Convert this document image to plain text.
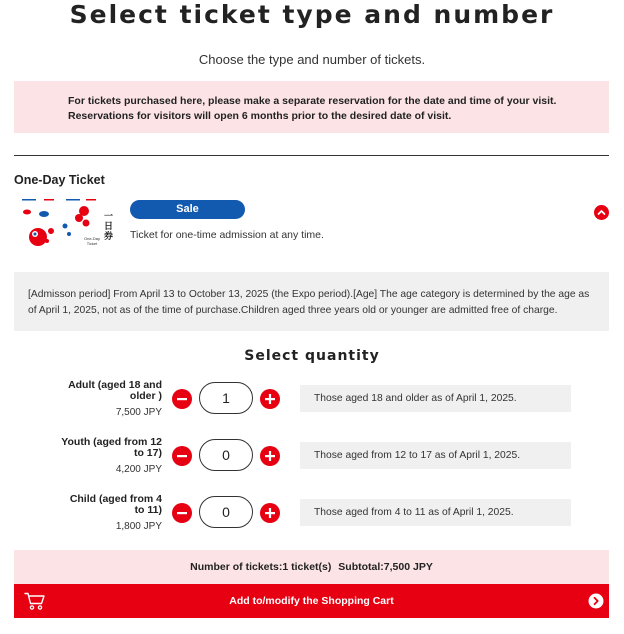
Select ticket type and number

Choose the type and number of tickets.

For tickets purchased here, please make a separate reservation for the date and time of your visit.
Reservations for visitors will open 6 months prior to the desired date of visit.
One-Day Ticket
一
日
券
One-Day Ticket
Sale
Ticket for one-time admission at any time.
[Admisson period] From April 13 to October 13, 2025 (the Expo period).[Age] The age category is determined by the age as of April 1, 2025, not as of the time of purchase.Children aged three years old or younger are admitted free of charge.
Select quantity
Adult (aged 18 and
older )
7,500 JPY
1
Those aged 18 and older as of April 1, 2025.
Youth (aged from 12
to 17)
4,200 JPY
0
Those aged from 12 to 17 as of April 1, 2025.
Child (aged from 4
to 11)
1,800 JPY
0
Those aged from 4 to 11 as of April 1, 2025.
Number of tickets:1 ticket(s) Subtotal:7,500 JPY
Add to/modify the Shopping Cart
